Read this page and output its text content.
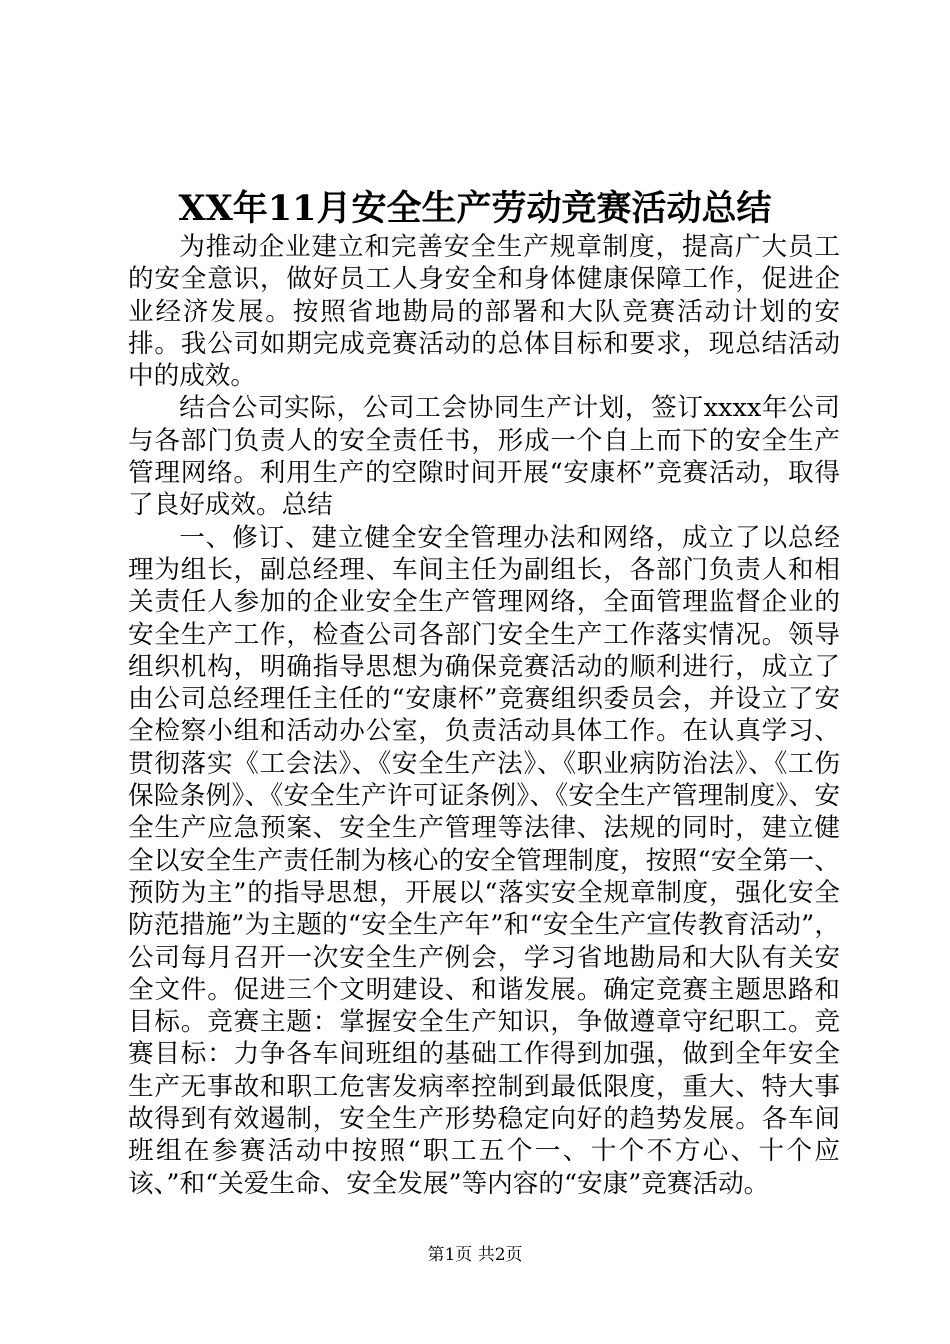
XX年11月安全生产劳动竞赛活动总结

为推动企业建立和完善安全生产规章制度，提高广大员工的安全意识，做好员工人身安全和身体健康保障工作，促进企业经济发展。按照省地勘局的部署和大队竞赛活动计划的安排。我公司如期完成竞赛活动的总体目标和要求，现总结活动中的成效。

结合公司实际，公司工会协同生产计划，签订xxxx年公司与各部门负责人的安全责任书，形成一个自上而下的安全生产管理网络。利用生产的空隙时间开展“安康杯”竞赛活动，取得了良好成效。总结

一、修订、建立健全安全管理办法和网络，成立了以总经理为组长，副总经理、车间主任为副组长，各部门负责人和相关责任人参加的企业安全生产管理网络，全面管理监督企业的安全生产工作，检查公司各部门安全生产工作落实情况。领导组织机构，明确指导思想为确保竞赛活动的顺利进行，成立了由公司总经理任主任的“安康杯”竞赛组织委员会，并设立了安全检察小组和活动办公室，负责活动具体工作。在认真学习、贯彻落实《工会法》、《安全生产法》、《职业病防治法》、《工伤保险条例》、《安全生产许可证条例》、《安全生产管理制度》、安全生产应急预案、安全生产管理等法律、法规的同时，建立健全以安全生产责任制为核心的安全管理制度，按照“安全第一、预防为主”的指导思想，开展以“落实安全规章制度，强化安全防范措施”为主题的“安全生产年”和“安全生产宣传教育活动”，公司每月召开一次安全生产例会，学习省地勘局和大队有关安全文件。促进三个文明建设、和谐发展。确定竞赛主题思路和目标。竞赛主题：掌握安全生产知识，争做遵章守纪职工。竞赛目标：力争各车间班组的基础工作得到加强，做到全年安全生产无事故和职工危害发病率控制到最低限度，重大、特大事故得到有效遏制，安全生产形势稳定向好的趋势发展。各车间班组在参赛活动中按照“职工五个一、十个不方心、十个应该、”和“关爱生命、安全发展”等内容的“安康”竞赛活动。

第1页 共2页
